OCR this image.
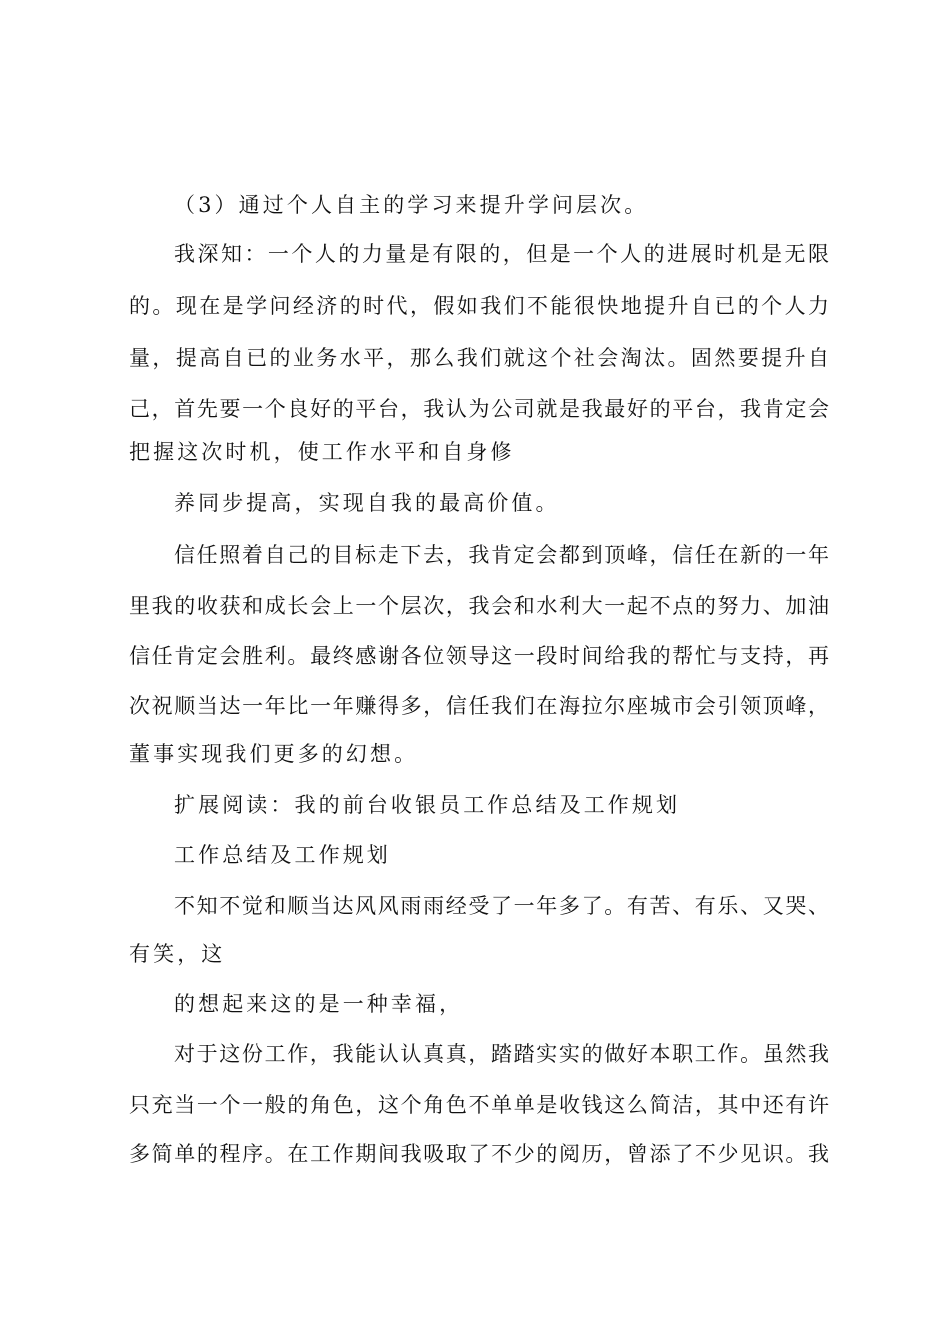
（3）通过个人自主的学习来提升学问层次。
我深知：一个人的力量是有限的，但是一个人的进展时机是无限
的。现在是学问经济的时代，假如我们不能很快地提升自已的个人力
量，提高自已的业务水平，那么我们就这个社会淘汰。固然要提升自
己，首先要一个良好的平台，我认为公司就是我最好的平台，我肯定会
把握这次时机，使工作水平和自身修
养同步提高，实现自我的最高价值。
信任照着自己的目标走下去，我肯定会都到顶峰，信任在新的一年
里我的收获和成长会上一个层次，我会和水利大一起不点的努力、加油
信任肯定会胜利。最终感谢各位领导这一段时间给我的帮忙与支持，再
次祝顺当达一年比一年赚得多，信任我们在海拉尔座城市会引领顶峰，
董事实现我们更多的幻想。
扩展阅读：我的前台收银员工作总结及工作规划
工作总结及工作规划
不知不觉和顺当达风风雨雨经受了一年多了。有苦、有乐、又哭、
有笑，这
的想起来这的是一种幸福，
对于这份工作，我能认认真真，踏踏实实的做好本职工作。虽然我
只充当一个一般的角色，这个角色不单单是收钱这么简洁，其中还有许
多简单的程序。在工作期间我吸取了不少的阅历，曾添了不少见识。我
